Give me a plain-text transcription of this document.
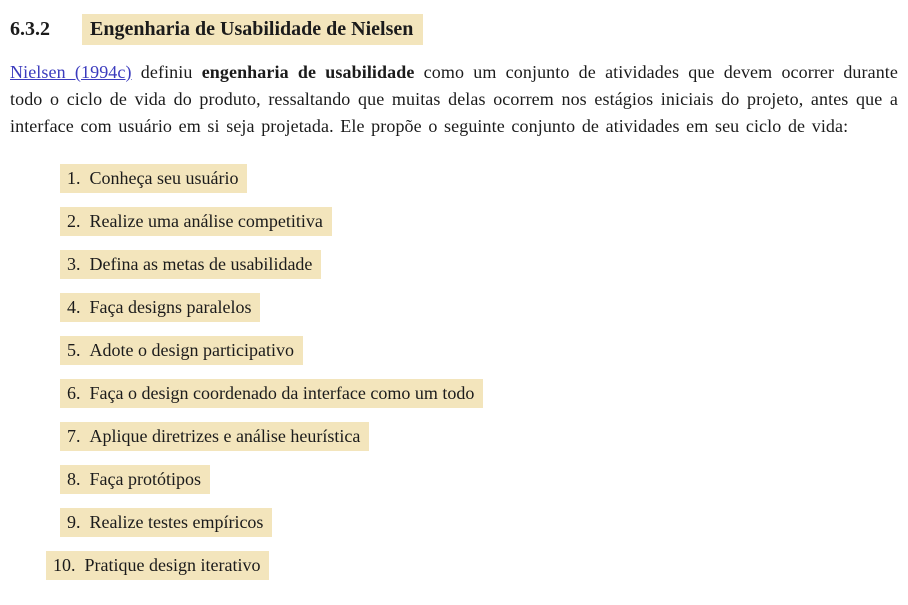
6.3.2 Engenharia de Usabilidade de Nielsen

Nielsen (1994c) definiu engenharia de usabilidade como um conjunto de atividades que devem ocorrer durante todo o ciclo de vida do produto, ressaltando que muitas delas ocorrem nos estágios iniciais do projeto, antes que a interface com usuário em si seja projetada. Ele propõe o seguinte conjunto de atividades em seu ciclo de vida:

1. Conheça seu usuário
2. Realize uma análise competitiva
3. Defina as metas de usabilidade
4. Faça designs paralelos
5. Adote o design participativo
6. Faça o design coordenado da interface como um todo
7. Aplique diretrizes e análise heurística
8. Faça protótipos
9. Realize testes empíricos
10. Pratique design iterativo
